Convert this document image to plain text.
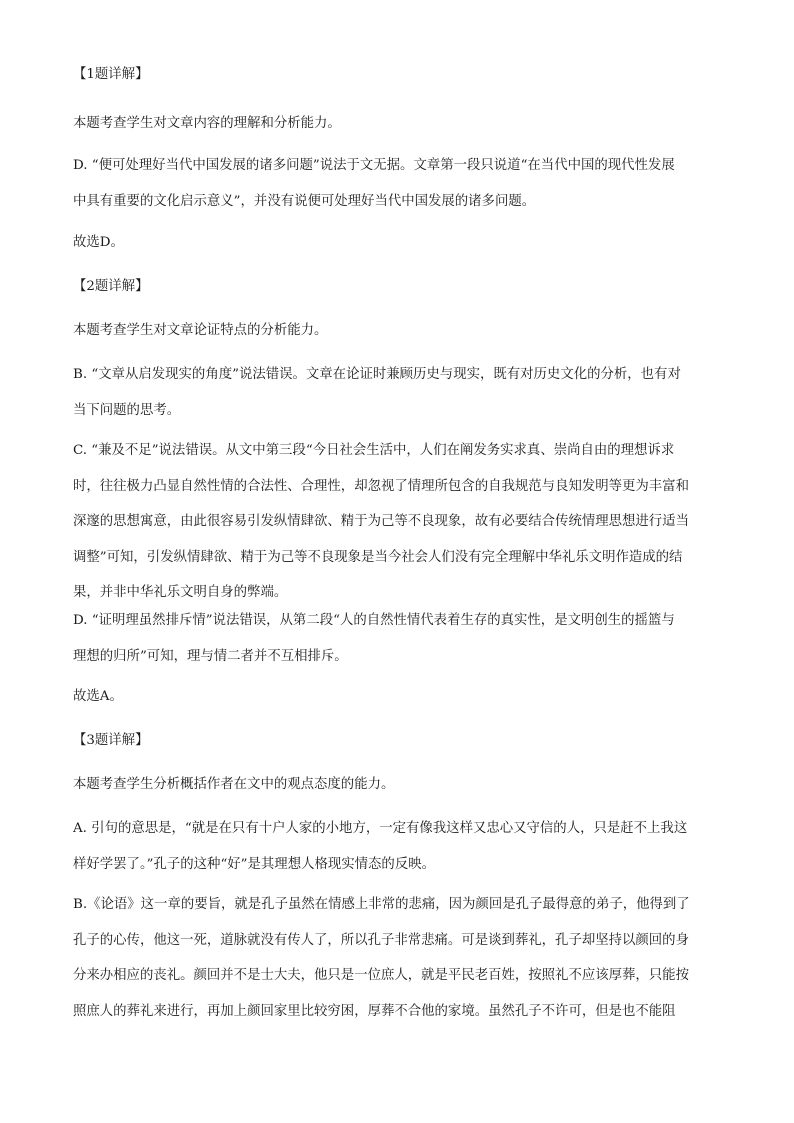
【1题详解】

本题考查学生对文章内容的理解和分析能力。

D. “便可处理好当代中国发展的诸多问题”说法于文无据。文章第一段只说道“在当代中国的现代性发展
中具有重要的文化启示意义”，并没有说便可处理好当代中国发展的诸多问题。

故选D。

【2题详解】

本题考查学生对文章论证特点的分析能力。

B. “文章从启发现实的角度”说法错误。文章在论证时兼顾历史与现实，既有对历史文化的分析，也有对
当下问题的思考。

C. “兼及不足”说法错误。从文中第三段“今日社会生活中，人们在阐发务实求真、崇尚自由的理想诉求
时，往往极力凸显自然性情的合法性、合理性，却忽视了情理所包含的自我规范与良知发明等更为丰富和
深邃的思想寓意，由此很容易引发纵情肆欲、精于为己等不良现象，故有必要结合传统情理思想进行适当
调整”可知，引发纵情肆欲、精于为己等不良现象是当今社会人们没有完全理解中华礼乐文明作造成的结
果，并非中华礼乐文明自身的弊端。

D. “证明理虽然排斥情”说法错误，从第二段“人的自然性情代表着生存的真实性，是文明创生的摇篮与
理想的归所”可知，理与情二者并不互相排斥。

故选A。

【3题详解】

本题考查学生分析概括作者在文中的观点态度的能力。

A. 引句的意思是，“就是在只有十户人家的小地方，一定有像我这样又忠心又守信的人，只是赶不上我这
样好学罢了。”孔子的这种“好”是其理想人格现实情态的反映。

B.《论语》这一章的要旨，就是孔子虽然在情感上非常的悲痛，因为颜回是孔子最得意的弟子，他得到了
孔子的心传，他这一死，道脉就没有传人了，所以孔子非常悲痛。可是谈到葬礼，孔子却坚持以颜回的身
分来办相应的丧礼。颜回并不是士大夫，他只是一位庶人，就是平民老百姓，按照礼不应该厚葬，只能按
照庶人的葬礼来进行，再加上颜回家里比较穷困，厚葬不合他的家境。虽然孔子不许可，但是也不能阻
